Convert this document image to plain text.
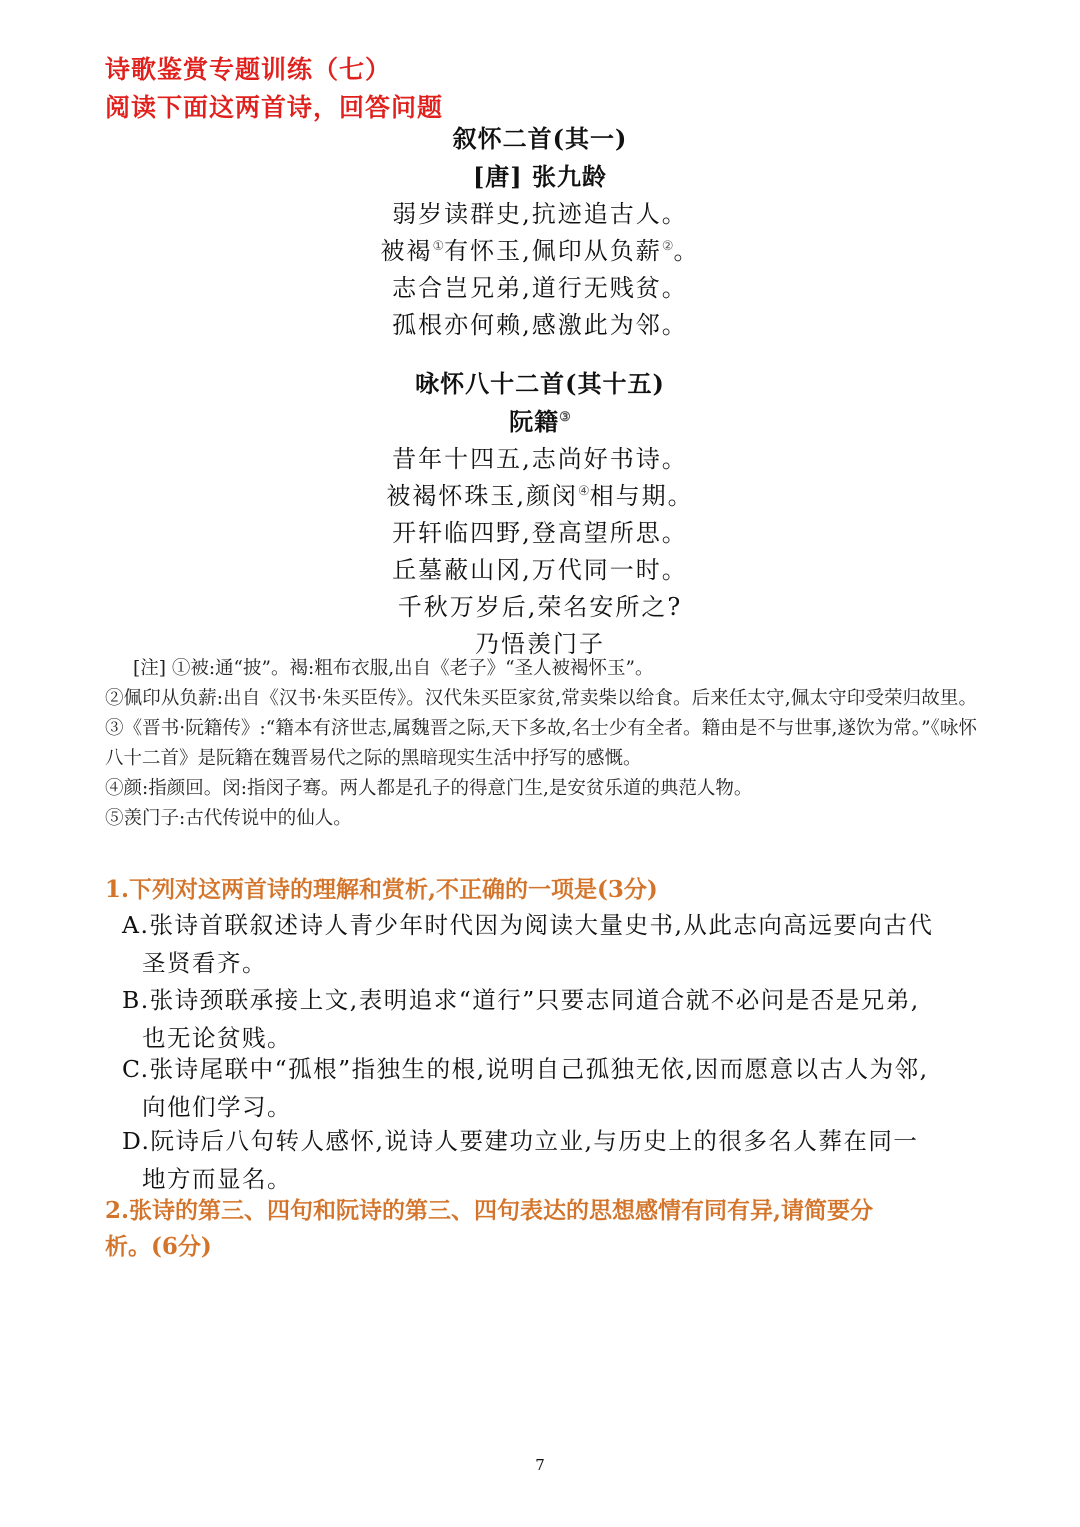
诗歌鉴赏专题训练（七）
阅读下面这两首诗，回答问题
叙怀二首(其一)
[唐] 张九龄
弱岁读群史,抗迹追古人。
被褐①有怀玉,佩印从负薪②。
志合岂兄弟,道行无贱贫。
孤根亦何赖,感激此为邻。
咏怀八十二首(其十五)
阮籍③
昔年十四五,志尚好书诗。
被褐怀珠玉,颜闵④相与期。
开轩临四野,登高望所思。
丘墓蔽山冈,万代同一时。
千秋万岁后,荣名安所之?
乃悟羡门子

[注] ①被:通“披”。褐:粗布衣服,出自《老子》“圣人被褐怀玉”。

②佩印从负薪:出自《汉书·朱买臣传》。汉代朱买臣家贫,常卖柴以给食。后来任太守,佩太守印受荣归故里。③《晋书·阮籍传》:“籍本有济世志,属魏晋之际,天下多故,名士少有全者。籍由是不与世事,遂饮为常。”《咏怀八十二首》是阮籍在魏晋易代之际的黑暗现实生活中抒写的感慨。

④颜:指颜回。闵:指闵子骞。两人都是孔子的得意门生,是安贫乐道的典范人物。

⑤羡门子:古代传说中的仙人。

1.下列对这两首诗的理解和赏析,不正确的一项是(3分)
A.张诗首联叙述诗人青少年时代因为阅读大量史书,从此志向高远要向古代
圣贤看齐。
B.张诗颈联承接上文,表明追求“道行”只要志同道合就不必问是否是兄弟,
也无论贫贱。
C.张诗尾联中“孤根”指独生的根,说明自己孤独无依,因而愿意以古人为邻,
向他们学习。
D.阮诗后八句转人感怀,说诗人要建功立业,与历史上的很多名人葬在同一
地方而显名。
2.张诗的第三、四句和阮诗的第三、四句表达的思想感情有同有异,请简要分
析。(6分)
7
